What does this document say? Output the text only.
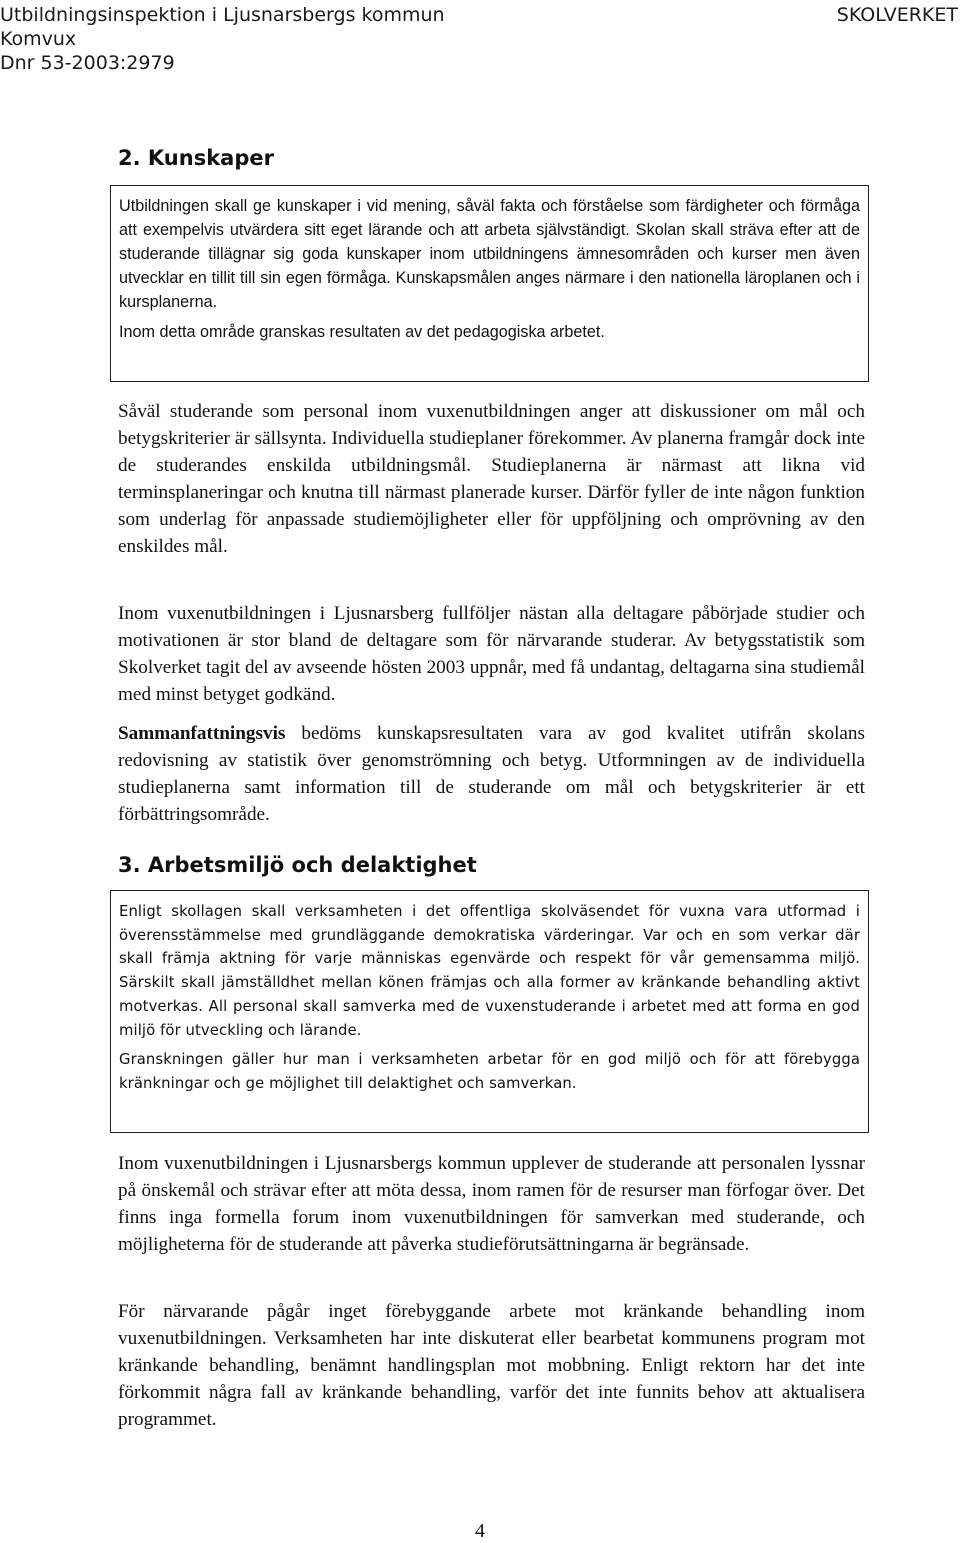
Utbildningsinspektion i Ljusnarsbergs kommun
Komvux
Dnr 53-2003:2979
SKOLVERKET
2. Kunskaper

Utbildningen skall ge kunskaper i vid mening, såväl fakta och förståelse som färdigheter och förmåga att exempelvis utvärdera sitt eget lärande och att arbeta självständigt. Skolan skall sträva efter att de studerande tillägnar sig goda kunskaper inom utbildningens ämnesområden och kurser men även utvecklar en tillit till sin egen förmåga. Kunskapsmålen anges närmare i den nationella läroplanen och i kursplanerna.

Inom detta område granskas resultaten av det pedagogiska arbetet.

Såväl studerande som personal inom vuxenutbildningen anger att diskussioner om mål och betygskriterier är sällsynta. Individuella studieplaner förekommer. Av planerna framgår dock inte de studerandes enskilda utbildningsmål. Studieplanerna är närmast att likna vid terminsplaneringar och knutna till närmast planerade kurser. Därför fyller de inte någon funktion som underlag för anpassade studiemöjligheter eller för uppföljning och omprövning av den enskildes mål.

Inom vuxenutbildningen i Ljusnarsberg fullföljer nästan alla deltagare påbörjade studier och motivationen är stor bland de deltagare som för närvarande studerar. Av betygsstatistik som Skolverket tagit del av avseende hösten 2003 uppnår, med få undantag, deltagarna sina studiemål med minst betyget godkänd.

Sammanfattningsvis bedöms kunskapsresultaten vara av god kvalitet utifrån skolans redovisning av statistik över genomströmning och betyg. Utformningen av de individuella studieplanerna samt information till de studerande om mål och betygskriterier är ett förbättringsområde.

3. Arbetsmiljö och delaktighet

Enligt skollagen skall verksamheten i det offentliga skolväsendet för vuxna vara utformad i överensstämmelse med grundläggande demokratiska värderingar. Var och en som verkar där skall främja aktning för varje människas egenvärde och respekt för vår gemensamma miljö. Särskilt skall jämställdhet mellan könen främjas och alla former av kränkande behandling aktivt motverkas. All personal skall samverka med de vuxenstuderande i arbetet med att forma en god miljö för utveckling och lärande.

Granskningen gäller hur man i verksamheten arbetar för en god miljö och för att förebygga kränkningar och ge möjlighet till delaktighet och samverkan.

Inom vuxenutbildningen i Ljusnarsbergs kommun upplever de studerande att personalen lyssnar på önskemål och strävar efter att möta dessa, inom ramen för de resurser man förfogar över. Det finns inga formella forum inom vuxenutbildningen för samverkan med studerande, och möjligheterna för de studerande att påverka studieförutsättningarna är begränsade.

För närvarande pågår inget förebyggande arbete mot kränkande behandling inom vuxenutbildningen. Verksamheten har inte diskuterat eller bearbetat kommunens program mot kränkande behandling, benämnt handlingsplan mot mobbning. Enligt rektorn har det inte förkommit några fall av kränkande behandling, varför det inte funnits behov att aktualisera programmet.

4
